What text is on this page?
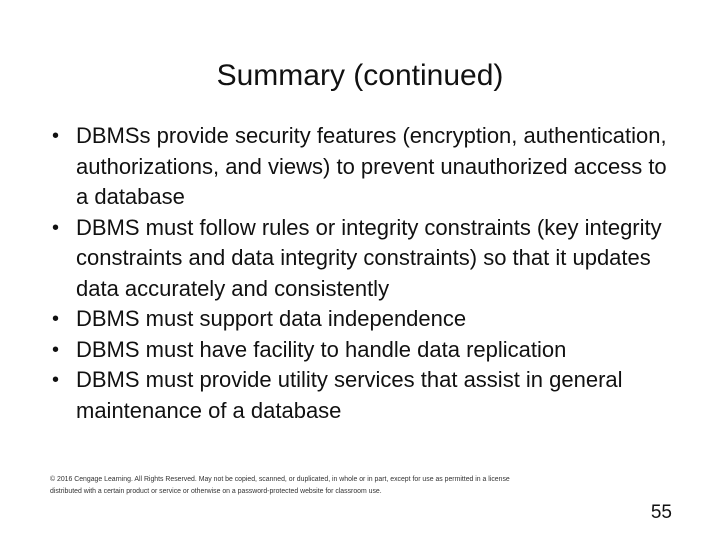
Summary (continued)
• DBMSs provide security features (encryption, authentication, authorizations, and views) to prevent unauthorized access to a database
• DBMS must follow rules or integrity constraints (key integrity constraints and data integrity constraints) so that it updates data accurately and consistently
• DBMS must support data independence
• DBMS must have facility to handle data replication
• DBMS must provide utility services that assist in general maintenance of a database
© 2016 Cengage Learning. All Rights Reserved. May not be copied, scanned, or duplicated, in whole or in part, except for use as permitted in a license distributed with a certain product or service or otherwise on a password-protected website for classroom use.
55
